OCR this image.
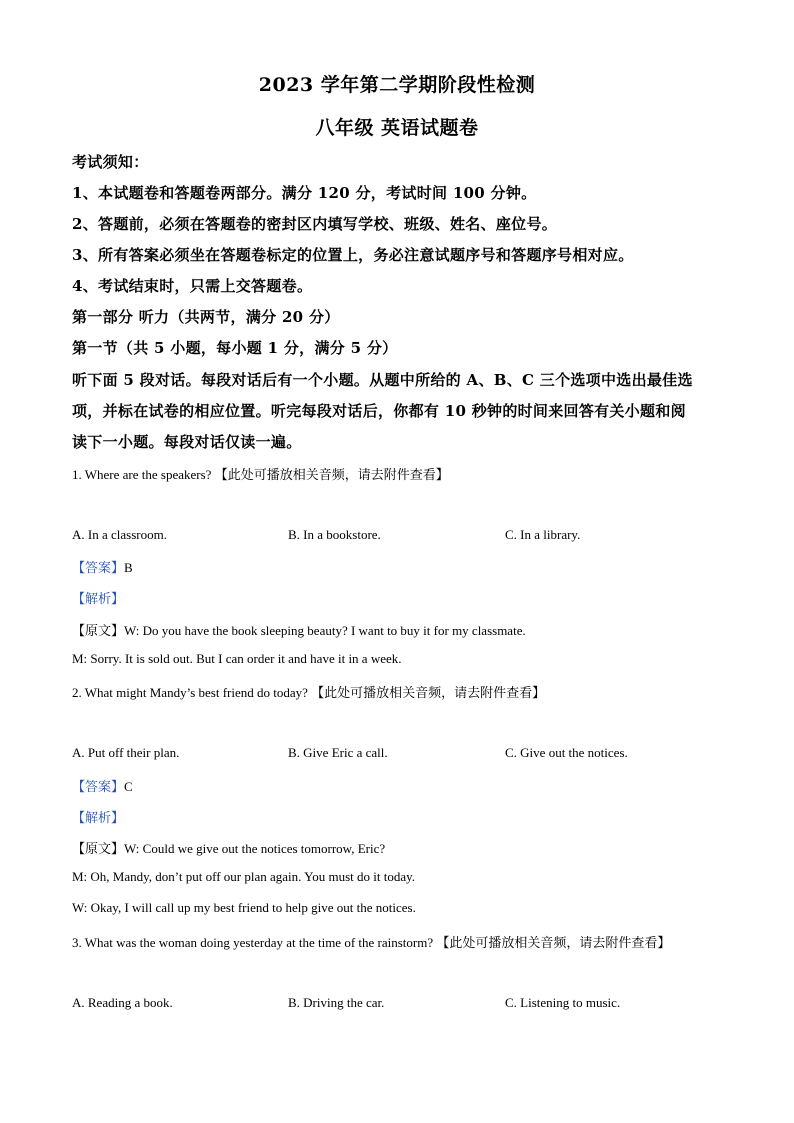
2023 学年第二学期阶段性检测
八年级 英语试题卷
考试须知：
1、本试题卷和答题卷两部分。满分 120 分，考试时间 100 分钟。
2、答题前，必须在答题卷的密封区内填写学校、班级、姓名、座位号。
3、所有答案必须坐在答题卷标定的位置上，务必注意试题序号和答题序号相对应。
4、考试结束时，只需上交答题卷。
第一部分 听力（共两节，满分 20 分）
第一节（共 5 小题，每小题 1 分，满分 5 分）
听下面 5 段对话。每段对话后有一个小题。从题中所给的 A、B、C 三个选项中选出最佳选
项，并标在试卷的相应位置。听完每段对话后，你都有 10 秒钟的时间来回答有关小题和阅
读下一小题。每段对话仅读一遍。
1. Where are the speakers? 【此处可播放相关音频，请去附件查看】
A. In a classroom.	B. In a bookstore.	C. In a library.
【答案】B
【解析】
【原文】W: Do you have the book sleeping beauty? I want to buy it for my classmate.
M: Sorry. It is sold out. But I can order it and have it in a week.
2. What might Mandy’s best friend do today? 【此处可播放相关音频，请去附件查看】
A. Put off their plan.	B. Give Eric a call.	C. Give out the notices.
【答案】C
【解析】
【原文】W: Could we give out the notices tomorrow, Eric?
M: Oh, Mandy, don’t put off our plan again. You must do it today.
W: Okay, I will call up my best friend to help give out the notices.
3. What was the woman doing yesterday at the time of the rainstorm? 【此处可播放相关音频，请去附件查看】
A. Reading a book.	B. Driving the car.	C. Listening to music.
